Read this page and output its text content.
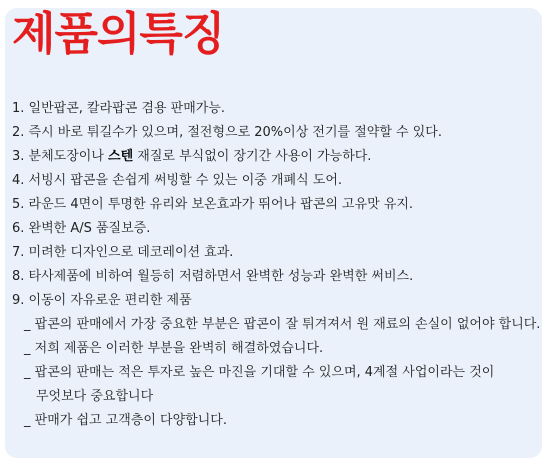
제품의특징
1. 일반팝콘, 칼라팝콘 겸용 판매가능.
2. 즉시 바로 튀길수가 있으며, 절전형으로 20%이상 전기를 절약할 수 있다.
3. 분체도장이나 스텐 재질로 부식없이 장기간 사용이 가능하다.
4. 서빙시 팝콘을 손쉽게 써빙할 수 있는 이중 개폐식 도어.
5. 라운드 4면이 투명한 유리와 보온효과가 뛰어나 팝콘의 고유맛 유지.
6. 완벽한 A/S 품질보증.
7. 미려한 디자인으로 데코레이션 효과.
8. 타사제품에 비하여 월등히 저렴하면서 완벽한 성능과 완벽한 써비스.
9. 이동이 자유로운 편리한 제품
_ 팝콘의 판매에서 가장 중요한 부분은 팝콘이 잘 튀겨져서 원 재료의 손실이 없어야 합니다.
_ 저희 제품은 이러한 부분을 완벽히 해결하였습니다.
_ 팝콘의 판매는 적은 투자로 높은 마진을 기대할 수 있으며, 4계절 사업이라는 것이
무엇보다 중요합니다
_ 판매가 쉽고 고객층이 다양합니다.
